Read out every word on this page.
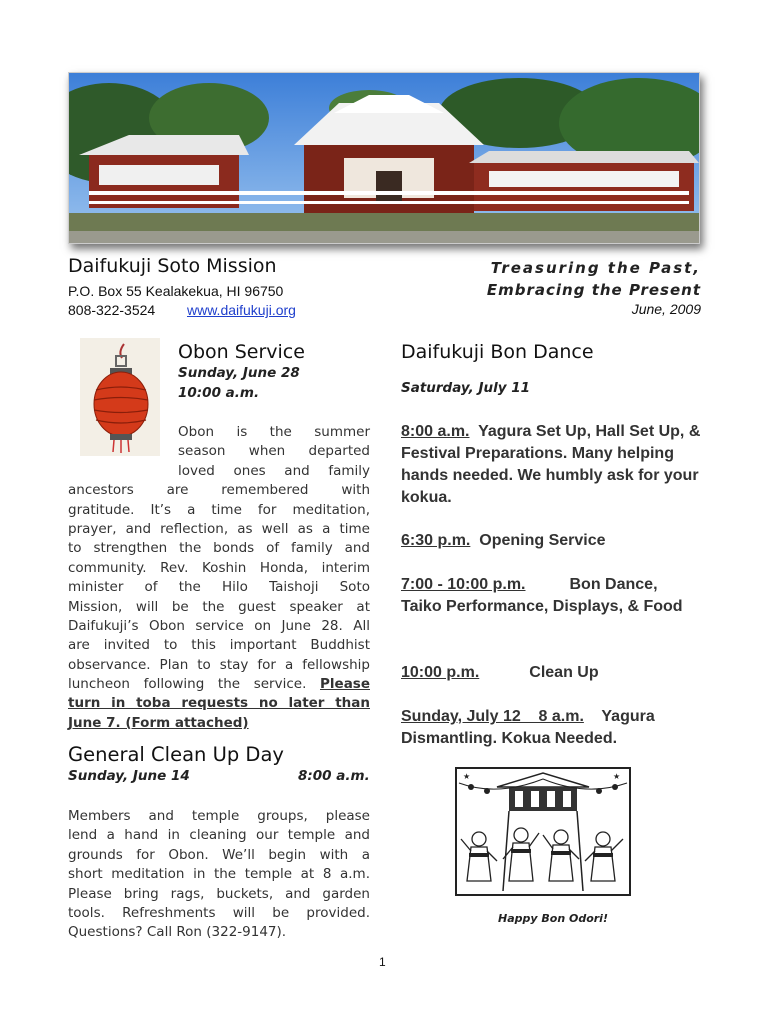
Daifukuji Soto Mission
P.O. Box 55 Kealakekua, HI 96750
808-322-3524 www.daifukuji.org
Treasuring the Past,
Embracing the Present
June, 2009
Obon Service
Sunday, June 28
10:00 a.m.
Obon is the summer
season when departed
loved ones and family
ancestors are remembered with
gratitude. It’s a time for meditation,
prayer, and reflection, as well as a time
to strengthen the bonds of family and
community. Rev. Koshin Honda, interim
minister of the Hilo Taishoji Soto
Mission, will be the guest speaker at
Daifukuji’s Obon service on June 28. All
are invited to this important Buddhist
observance. Plan to stay for a fellowship
luncheon following the service. Please
turn in toba requests no later than
June 7. (Form attached)
General Clean Up Day
Sunday, June 14	8:00 a.m.
Members and temple groups, please
lend a hand in cleaning our temple and
grounds for Obon. We’ll begin with a
short meditation in the temple at 8 a.m.
Please bring rags, buckets, and garden
tools. Refreshments will be provided.
Questions? Call Ron (322-9147).
Daifukuji Bon Dance
Saturday, July 11
8:00 a.m. Yagura Set Up, Hall Set Up, & Festival Preparations. Many helping hands needed. We humbly ask for your kokua.
6:30 p.m. Opening Service
7:00 - 10:00 p.m.	Bon Dance, Taiko Performance, Displays, & Food
10:00 p.m.	Clean Up
Sunday, July 12    8 a.m. Yagura Dismantling. Kokua Needed.
★	★
Happy Bon Odori!
1
